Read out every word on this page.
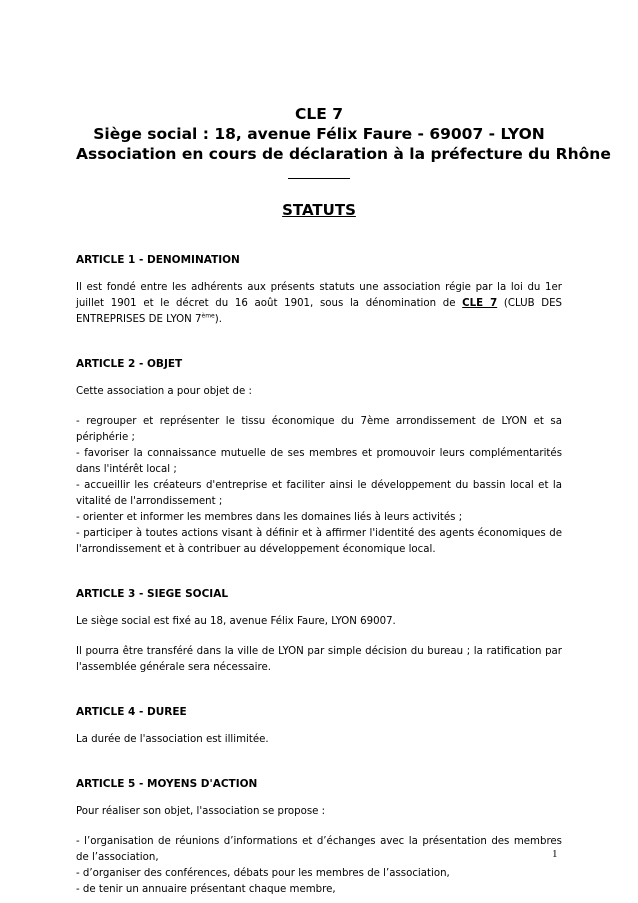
CLE 7
Siège social : 18, avenue Félix Faure - 69007 - LYON
Association en cours de déclaration à la préfecture du Rhône
STATUTS
ARTICLE 1 - DENOMINATION

Il est fondé entre les adhérents aux présents statuts une association régie par la loi du 1er juillet 1901 et le décret du 16 août 1901, sous la dénomination de CLE 7 (CLUB DES ENTREPRISES DE LYON 7ème).

ARTICLE 2 - OBJET

Cette association a pour objet de :

- regrouper et représenter le tissu économique du 7ème arrondissement de LYON et sa périphérie ;
- favoriser la connaissance mutuelle de ses membres et promouvoir leurs complémentarités dans l'intérêt local ;
- accueillir les créateurs d'entreprise et faciliter ainsi le développement du bassin local et la vitalité de l'arrondissement ;
- orienter et informer les membres dans les domaines liés à leurs activités ;
- participer à toutes actions visant à définir et à affirmer l'identité des agents économiques de l'arrondissement et à contribuer au développement économique local.
ARTICLE 3 - SIEGE SOCIAL

Le siège social est fixé au 18, avenue Félix Faure, LYON 69007.

Il pourra être transféré dans la ville de LYON par simple décision du bureau ; la ratification par l'assemblée générale sera nécessaire.

ARTICLE 4 - DUREE

La durée de l'association est illimitée.

ARTICLE 5 - MOYENS D'ACTION

Pour réaliser son objet, l'association se propose :

- l’organisation de réunions d’informations et d’échanges avec la présentation des membres de l’association,
- d’organiser des conférences, débats pour les membres de l’association,
- de tenir un annuaire présentant chaque membre,
1
